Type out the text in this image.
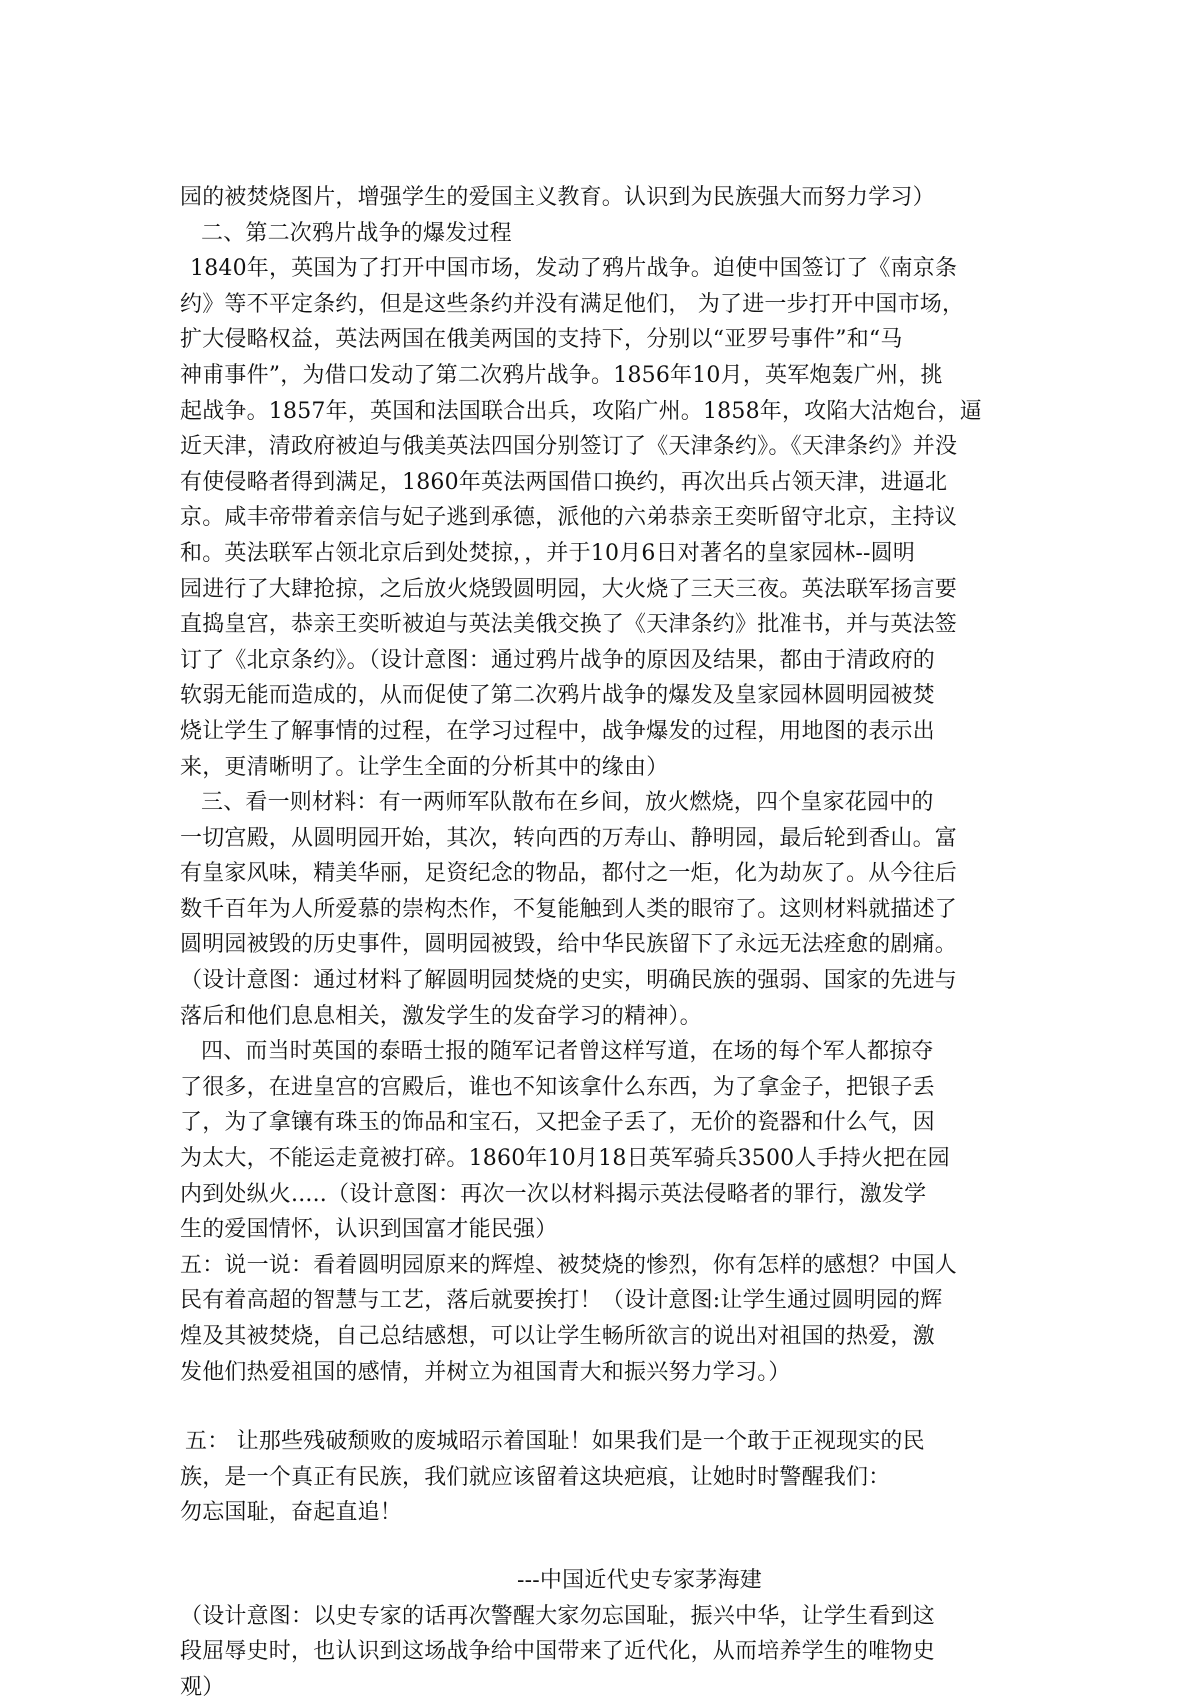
园的被焚烧图片，增强学生的爱国主义教育。认识到为民族强大而努力学习）
二、第二次鸦片战争的爆发过程
1840年，英国为了打开中国市场，发动了鸦片战争。迫使中国签订了《南京条
约》等不平定条约，但是这些条约并没有满足他们， 为了进一步打开中国市场，
扩大侵略权益，英法两国在俄美两国的支持下，分别以“亚罗号事件”和“马
神甫事件”，为借口发动了第二次鸦片战争。1856年10月，英军炮轰广州，挑
起战争。1857年，英国和法国联合出兵，攻陷广州。1858年，攻陷大沽炮台，逼
近天津，清政府被迫与俄美英法四国分别签订了《天津条约》。《天津条约》并没
有使侵略者得到满足，1860年英法两国借口换约，再次出兵占领天津，进逼北
京。咸丰帝带着亲信与妃子逃到承德，派他的六弟恭亲王奕昕留守北京，主持议
和。英法联军占领北京后到处焚掠，，并于10月6日对著名的皇家园林--圆明
园进行了大肆抢掠，之后放火烧毁圆明园，大火烧了三天三夜。英法联军扬言要
直捣皇宫，恭亲王奕昕被迫与英法美俄交换了《天津条约》批准书，并与英法签
订了《北京条约》。（设计意图：通过鸦片战争的原因及结果，都由于清政府的
软弱无能而造成的，从而促使了第二次鸦片战争的爆发及皇家园林圆明园被焚
烧让学生了解事情的过程，在学习过程中，战争爆发的过程，用地图的表示出
来，更清晰明了。让学生全面的分析其中的缘由）
三、看一则材料：有一两师军队散布在乡间，放火燃烧，四个皇家花园中的
一切宫殿，从圆明园开始，其次，转向西的万寿山、静明园，最后轮到香山。富
有皇家风味，精美华丽，足资纪念的物品，都付之一炬，化为劫灰了。从今往后
数千百年为人所爱慕的崇构杰作，不复能触到人类的眼帘了。这则材料就描述了
圆明园被毁的历史事件，圆明园被毁，给中华民族留下了永远无法痊愈的剧痛。
（设计意图：通过材料了解圆明园焚烧的史实，明确民族的强弱、国家的先进与
落后和他们息息相关，激发学生的发奋学习的精神）。
四、而当时英国的泰晤士报的随军记者曾这样写道，在场的每个军人都掠夺
了很多，在进皇宫的宫殿后，谁也不知该拿什么东西，为了拿金子，把银子丢
了，为了拿镶有珠玉的饰品和宝石，又把金子丢了，无价的瓷器和什么气，因
为太大，不能运走竟被打碎。1860年10月18日英军骑兵3500人手持火把在园
内到处纵火.....（设计意图：再次一次以材料揭示英法侵略者的罪行，激发学
生的爱国情怀，认识到国富才能民强）
五：说一说：看着圆明园原来的辉煌、被焚烧的惨烈，你有怎样的感想？中国人
民有着高超的智慧与工艺，落后就要挨打！（设计意图:让学生通过圆明园的辉
煌及其被焚烧，自己总结感想，可以让学生畅所欲言的说出对祖国的热爱，激
发他们热爱祖国的感情，并树立为祖国青大和振兴努力学习。）
五： 让那些残破颓败的废城昭示着国耻！如果我们是一个敢于正视现实的民
族，是一个真正有民族，我们就应该留着这块疤痕，让她时时警醒我们：
勿忘国耻，奋起直追！
---中国近代史专家茅海建
（设计意图：以史专家的话再次警醒大家勿忘国耻，振兴中华，让学生看到这
段屈辱史时，也认识到这场战争给中国带来了近代化，从而培养学生的唯物史
观）
